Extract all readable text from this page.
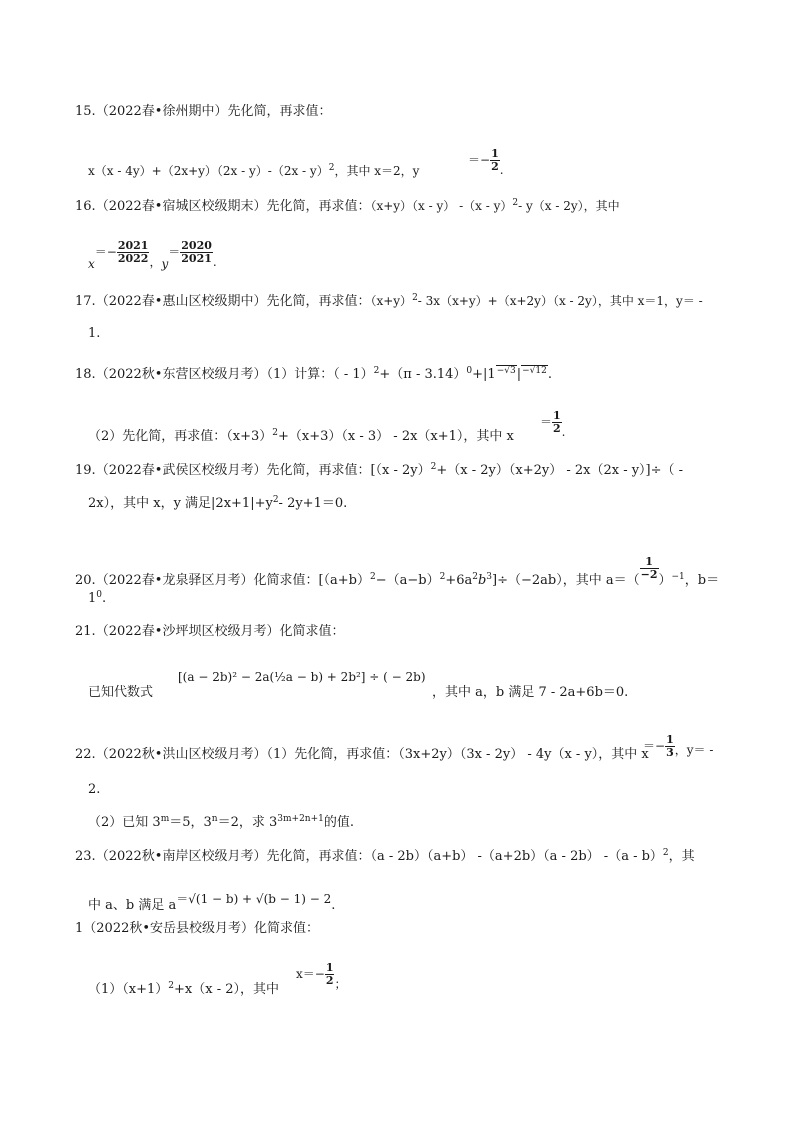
15.（2022春•徐州期中）先化简，再求值：
x（x - 4y）+（2x+y）（2x - y）-（2x - y）$^2$，其中 x＝2，y
＝− $\frac{1}{2}$ .
16.（2022春•宿城区校级期末）先化简，再求值：（x+y）（x - y） -（x - y）$^2$- y（x - 2y），其中
$x=- \frac{2021}{2022}$ ，$y= \frac{2020}{2021}$ .
17.（2022春•惠山区校级期中）先化简，再求值：$(x+y)^2-$ 3x（x+y）+（x+2y）（x - 2y），其中 x＝1，y＝ -
1.
18.（2022秋•东营区校级月考）（1）计算：（ - $1)^2+(\pi - 3.14)^0+|1^{-√3}|^{-√12}$.
（2）先化简，再求值：$(x+3)^2+(x+3)(x - 3) - 2x(x+1)$，其中 x
＝ $\frac{1}{2}$ .
19.（2022春•武侯区校级月考）先化简，再求值：[（x - 2y）$^2$+（x - 2y）（x+2y） - 2x（2x - y）]÷（ -
2x），其中 x，y 满足$|2x+1|+y^2-$ 2y+1＝0.
20.（2022春•龙泉驿区月考）化简求值：$[(a+b)^2-(a-b)^2+6a^2b^3]\div(-2ab)$，其中 $a=( \frac{1}{-2} )^{-1}$，b＝
$1^0$.
21.（2022春•沙坪坝区校级月考）化简求值：
已知代数式
[(a − 2b)² − 2a(½a − b) + 2b²] ÷ ( − 2b)
，其中 a，b 满足 7 - 2a+6b＝0.
22.（2022秋•洪山区校级月考）（1）先化简，再求值：（3x+2y）（3x - 2y） - 4y（x - y），其中 x
＝− $\frac{1}{3}$ ，y＝ -
2.
（2）已知 $3^m=5$，$3^n=2$，求 $3^{3m+2n+1}$的值.
23.（2022秋•南岸区校级月考）先化简，再求值：（a - 2b）（a+b） -（a+2b）（a - 2b） -（a - b）$^2$，其
中 a、b 满足 a＝√(1 − b) + √(b − 1) − 2.
1（2022秋•安岳县校级月考）化简求值：
$(1)(x+1)^2+x(x - 2)$，其中
$x=- \frac{1}{2}$ ；
